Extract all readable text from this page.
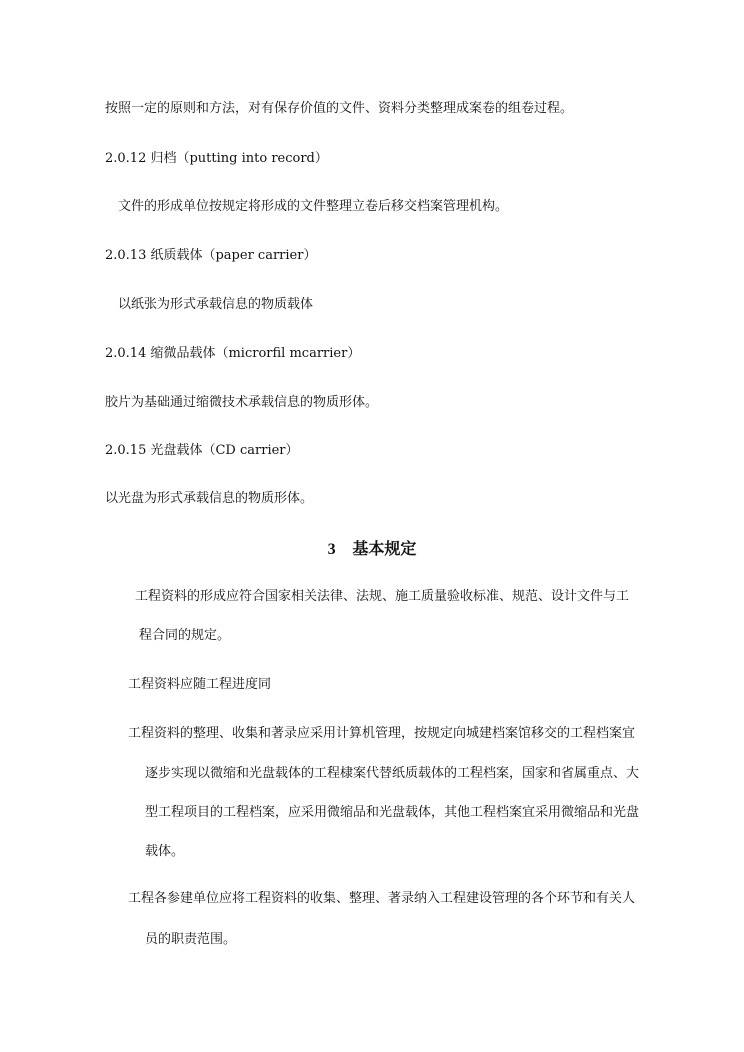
按照一定的原则和方法，对有保存价值的文件、资料分类整理成案卷的组卷过程。
2.0.12 归档（putting into record）
文件的形成单位按规定将形成的文件整理立卷后移交档案管理机构。
2.0.13 纸质载体（paper carrier）
以纸张为形式承载信息的物质载体
2.0.14 缩微品载体（microrfil mcarrier）
胶片为基础通过缩微技术承载信息的物质形体。
2.0.15 光盘载体（CD carrier）
以光盘为形式承载信息的物质形体。
3 基本规定
工程资料的形成应符合国家相关法律、法规、施工质量验收标准、规范、设计文件与工
程合同的规定。
工程资料应随工程进度同
工程资料的整理、收集和著录应采用计算机管理，按规定向城建档案馆移交的工程档案宜
逐步实现以微缩和光盘载体的工程棣案代替纸质载体的工程档案，国家和省属重点、大
型工程项目的工程档案，应采用微缩品和光盘载体，其他工程档案宜采用微缩品和光盘
载体。
工程各参建单位应将工程资料的收集、整理、著录纳入工程建设管理的各个环节和有关人
员的职责范围。
